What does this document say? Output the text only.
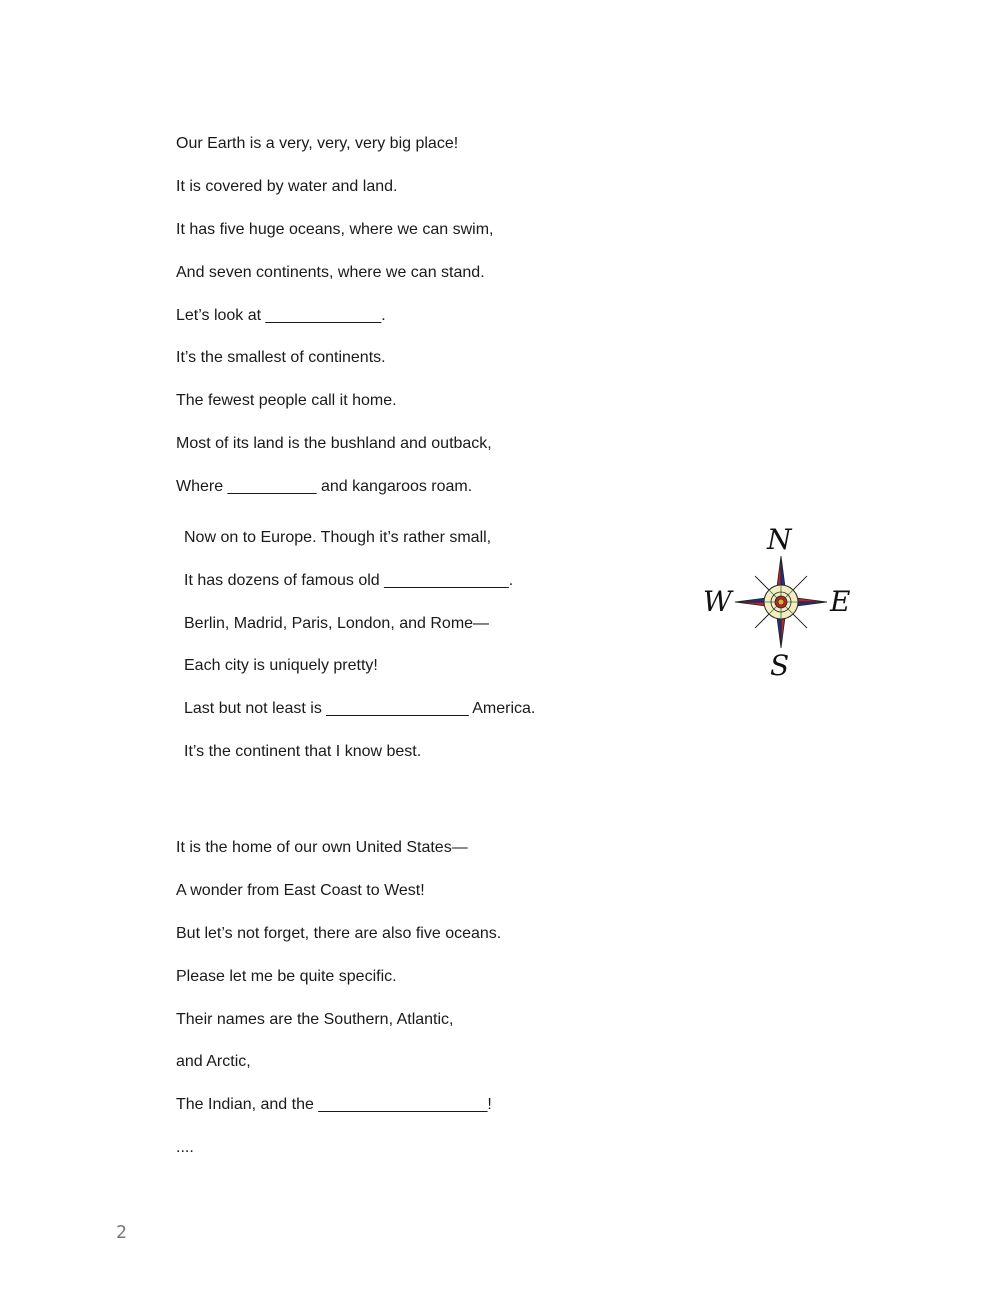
Our Earth is a very, very, very big place!
It is covered by water and land.
It has five huge oceans, where we can swim,
And seven continents, where we can stand.
Let’s look at _____________.
It’s the smallest of continents.
The fewest people call it home.
Most of its land is the bushland and outback,
Where __________ and kangaroos roam.
Now on to Europe. Though it’s rather small,
It has dozens of famous old ______________.
Berlin, Madrid, Paris, London, and Rome—
Each city is uniquely pretty!
Last but not least is ________________ America.
It’s the continent that I know best.
It is the home of our own United States—
A wonder from East Coast to West!
But let’s not forget, there are also five oceans.
Please let me be quite specific.
Their names are the Southern, Atlantic,
and Arctic,
The Indian, and the ___________________!
....
N
S
W	E
2
